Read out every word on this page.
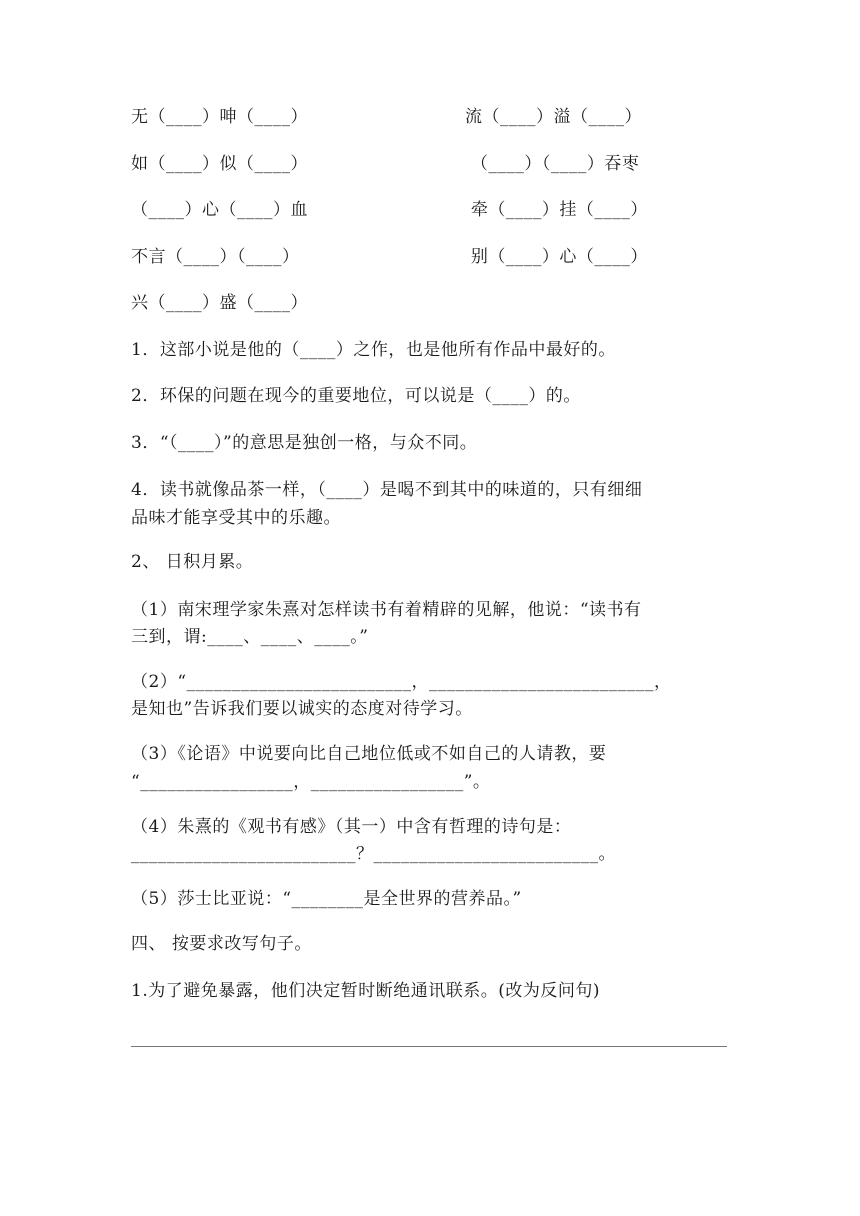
无（____）呻（____）	流（____）溢（____）
如（____）似（____）	（____）（____）吞枣
（____）心（____）血	牵（____）挂（____）
不言（____）（____）	别（____）心（____）
兴（____）盛（____）
1．这部小说是他的（____）之作，也是他所有作品中最好的。
2．环保的问题在现今的重要地位，可以说是（____）的。
3．“（____）”的意思是独创一格，与众不同。
4．读书就像品茶一样，（____）是喝不到其中的味道的，只有细细
品味才能享受其中的乐趣。
2、 日积月累。
（1）南宋理学家朱熹对怎样读书有着精辟的见解，他说：“读书有
三到，谓:____、____、____。”
（2）“_________________________，_________________________，
是知也”告诉我们要以诚实的态度对待学习。
（3）《论语》中说要向比自己地位低或不如自己的人请教，要
“_________________，_________________”。
（4）朱熹的《观书有感》（其一）中含有哲理的诗句是：
_________________________？_________________________。
（5）莎士比亚说：“________是全世界的营养品。”
四、 按要求改写句子。
1.为了避免暴露，他们决定暂时断绝通讯联系。(改为反问句)
